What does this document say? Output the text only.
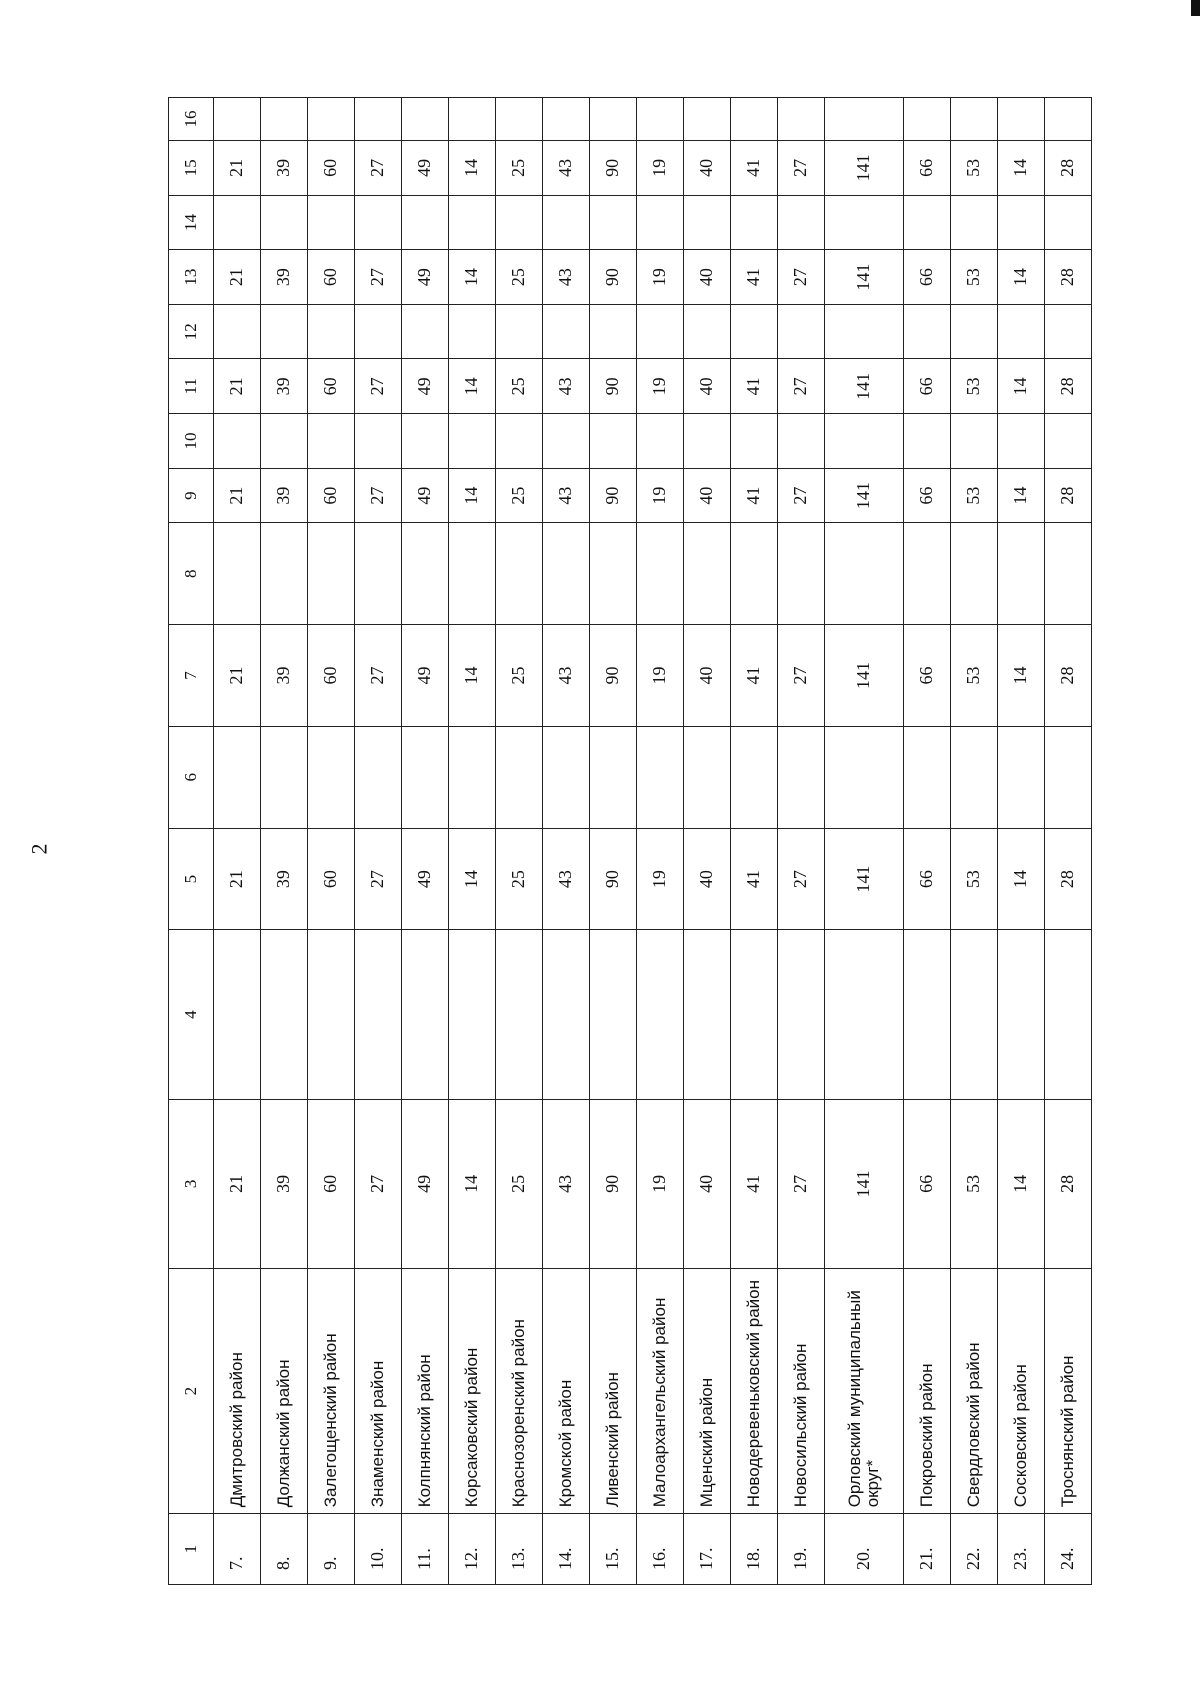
2
1	2	3	4	5	6	7	8	9	10	11	12	13	14	15	16
7.	Дмитровский район	21		21		21		21		21		21		21	
8.	Должанский район	39		39		39		39		39		39		39	
9.	Залегощенский район	60		60		60		60		60		60		60	
10.	Знаменский район	27		27		27		27		27		27		27	
11.	Колпнянский район	49		49		49		49		49		49		49	
12.	Корсаковский район	14		14		14		14		14		14		14	
13.	Краснозоренский район	25		25		25		25		25		25		25	
14.	Кромской район	43		43		43		43		43		43		43	
15.	Ливенский район	90		90		90		90		90		90		90	
16.	Малоархангельский район	19		19		19		19		19		19		19	
17.	Мценский район	40		40		40		40		40		40		40	
18.	Новодеревеньковский район	41		41		41		41		41		41		41	
19.	Новосильский район	27		27		27		27		27		27		27	
20.	Орловский муниципальный округ*	141		141		141		141		141		141		141	
21.	Покровский район	66		66		66		66		66		66		66	
22.	Свердловский район	53		53		53		53		53		53		53	
23.	Сосковский район	14		14		14		14		14		14		14	
24.	Троснянский район	28		28		28		28		28		28		28	
